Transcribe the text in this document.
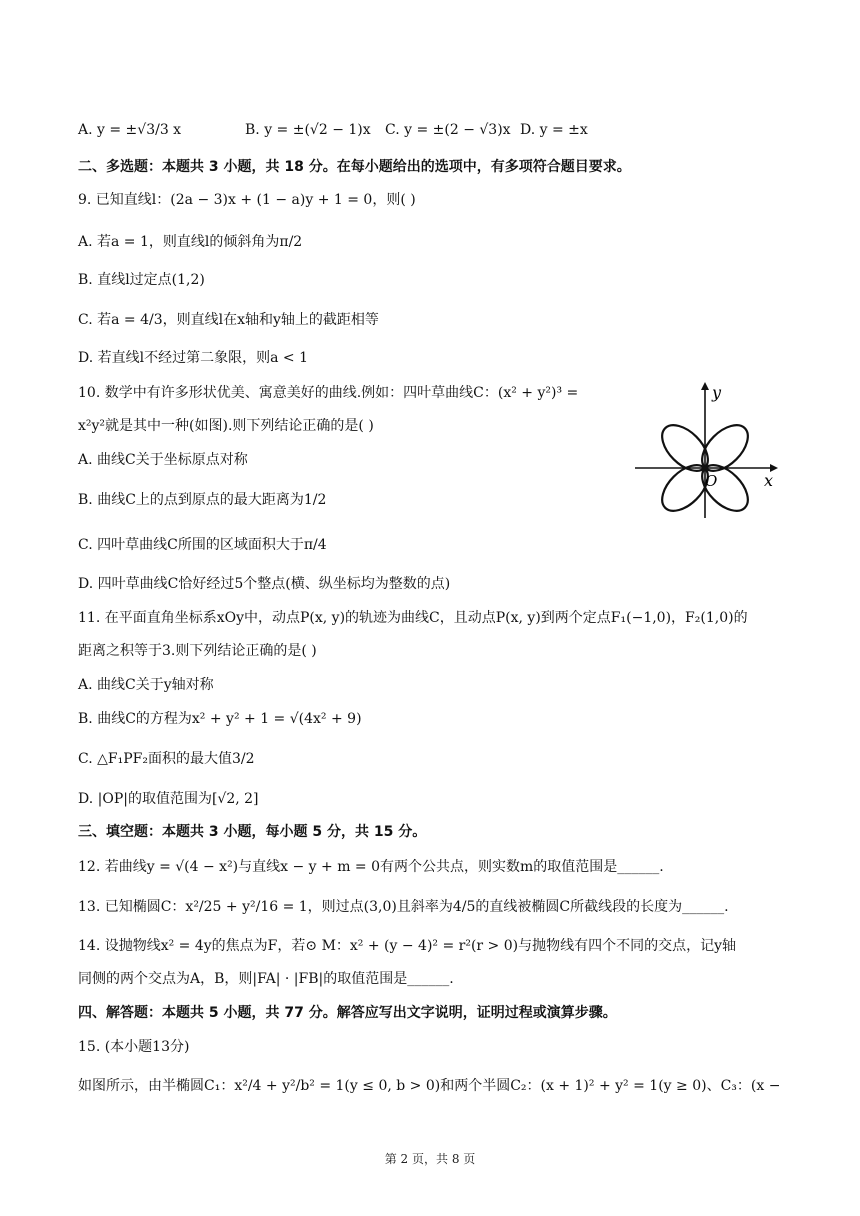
A. y = ±√3/3 x	B. y = ±(√2 − 1)x C. y = ±(2 − √3)x D. y = ±x
二、多选题：本题共 3 小题，共 18 分。在每小题给出的选项中，有多项符合题目要求。
9. 已知直线l：(2a − 3)x + (1 − a)y + 1 = 0，则( )
A. 若a = 1，则直线l的倾斜角为π/2
B. 直线l过定点(1,2)
C. 若a = 4/3，则直线l在x轴和y轴上的截距相等
D. 若直线l不经过第二象限，则a < 1
10. 数学中有许多形状优美、寓意美好的曲线.例如：四叶草曲线C：(x² + y²)³ =
x²y²就是其中一种(如图).则下列结论正确的是( )
A. 曲线C关于坐标原点对称
B. 曲线C上的点到原点的最大距离为1/2
C. 四叶草曲线C所围的区域面积大于π/4
D. 四叶草曲线C恰好经过5个整点(横、纵坐标均为整数的点)
y
x
O
11. 在平面直角坐标系xOy中，动点P(x, y)的轨迹为曲线C，且动点P(x, y)到两个定点F₁(−1,0)，F₂(1,0)的
距离之积等于3.则下列结论正确的是( )
A. 曲线C关于y轴对称
B. 曲线C的方程为x² + y² + 1 = √(4x² + 9)
C. △F₁PF₂面积的最大值3/2
D. |OP|的取值范围为[√2, 2]
三、填空题：本题共 3 小题，每小题 5 分，共 15 分。
12. 若曲线y = √(4 − x²)与直线x − y + m = 0有两个公共点，则实数m的取值范围是______.
13. 已知椭圆C：x²/25 + y²/16 = 1，则过点(3,0)且斜率为4/5的直线被椭圆C所截线段的长度为______.
14. 设抛物线x² = 4y的焦点为F，若⊙ M：x² + (y − 4)² = r²(r > 0)与抛物线有四个不同的交点，记y轴
同侧的两个交点为A，B，则|FA| · |FB|的取值范围是______.
四、解答题：本题共 5 小题，共 77 分。解答应写出文字说明，证明过程或演算步骤。
15. (本小题13分)
如图所示，由半椭圆C₁：x²/4 + y²/b² = 1(y ≤ 0, b > 0)和两个半圆C₂：(x + 1)² + y² = 1(y ≥ 0)、C₃：(x −
第 2 页，共 8 页
